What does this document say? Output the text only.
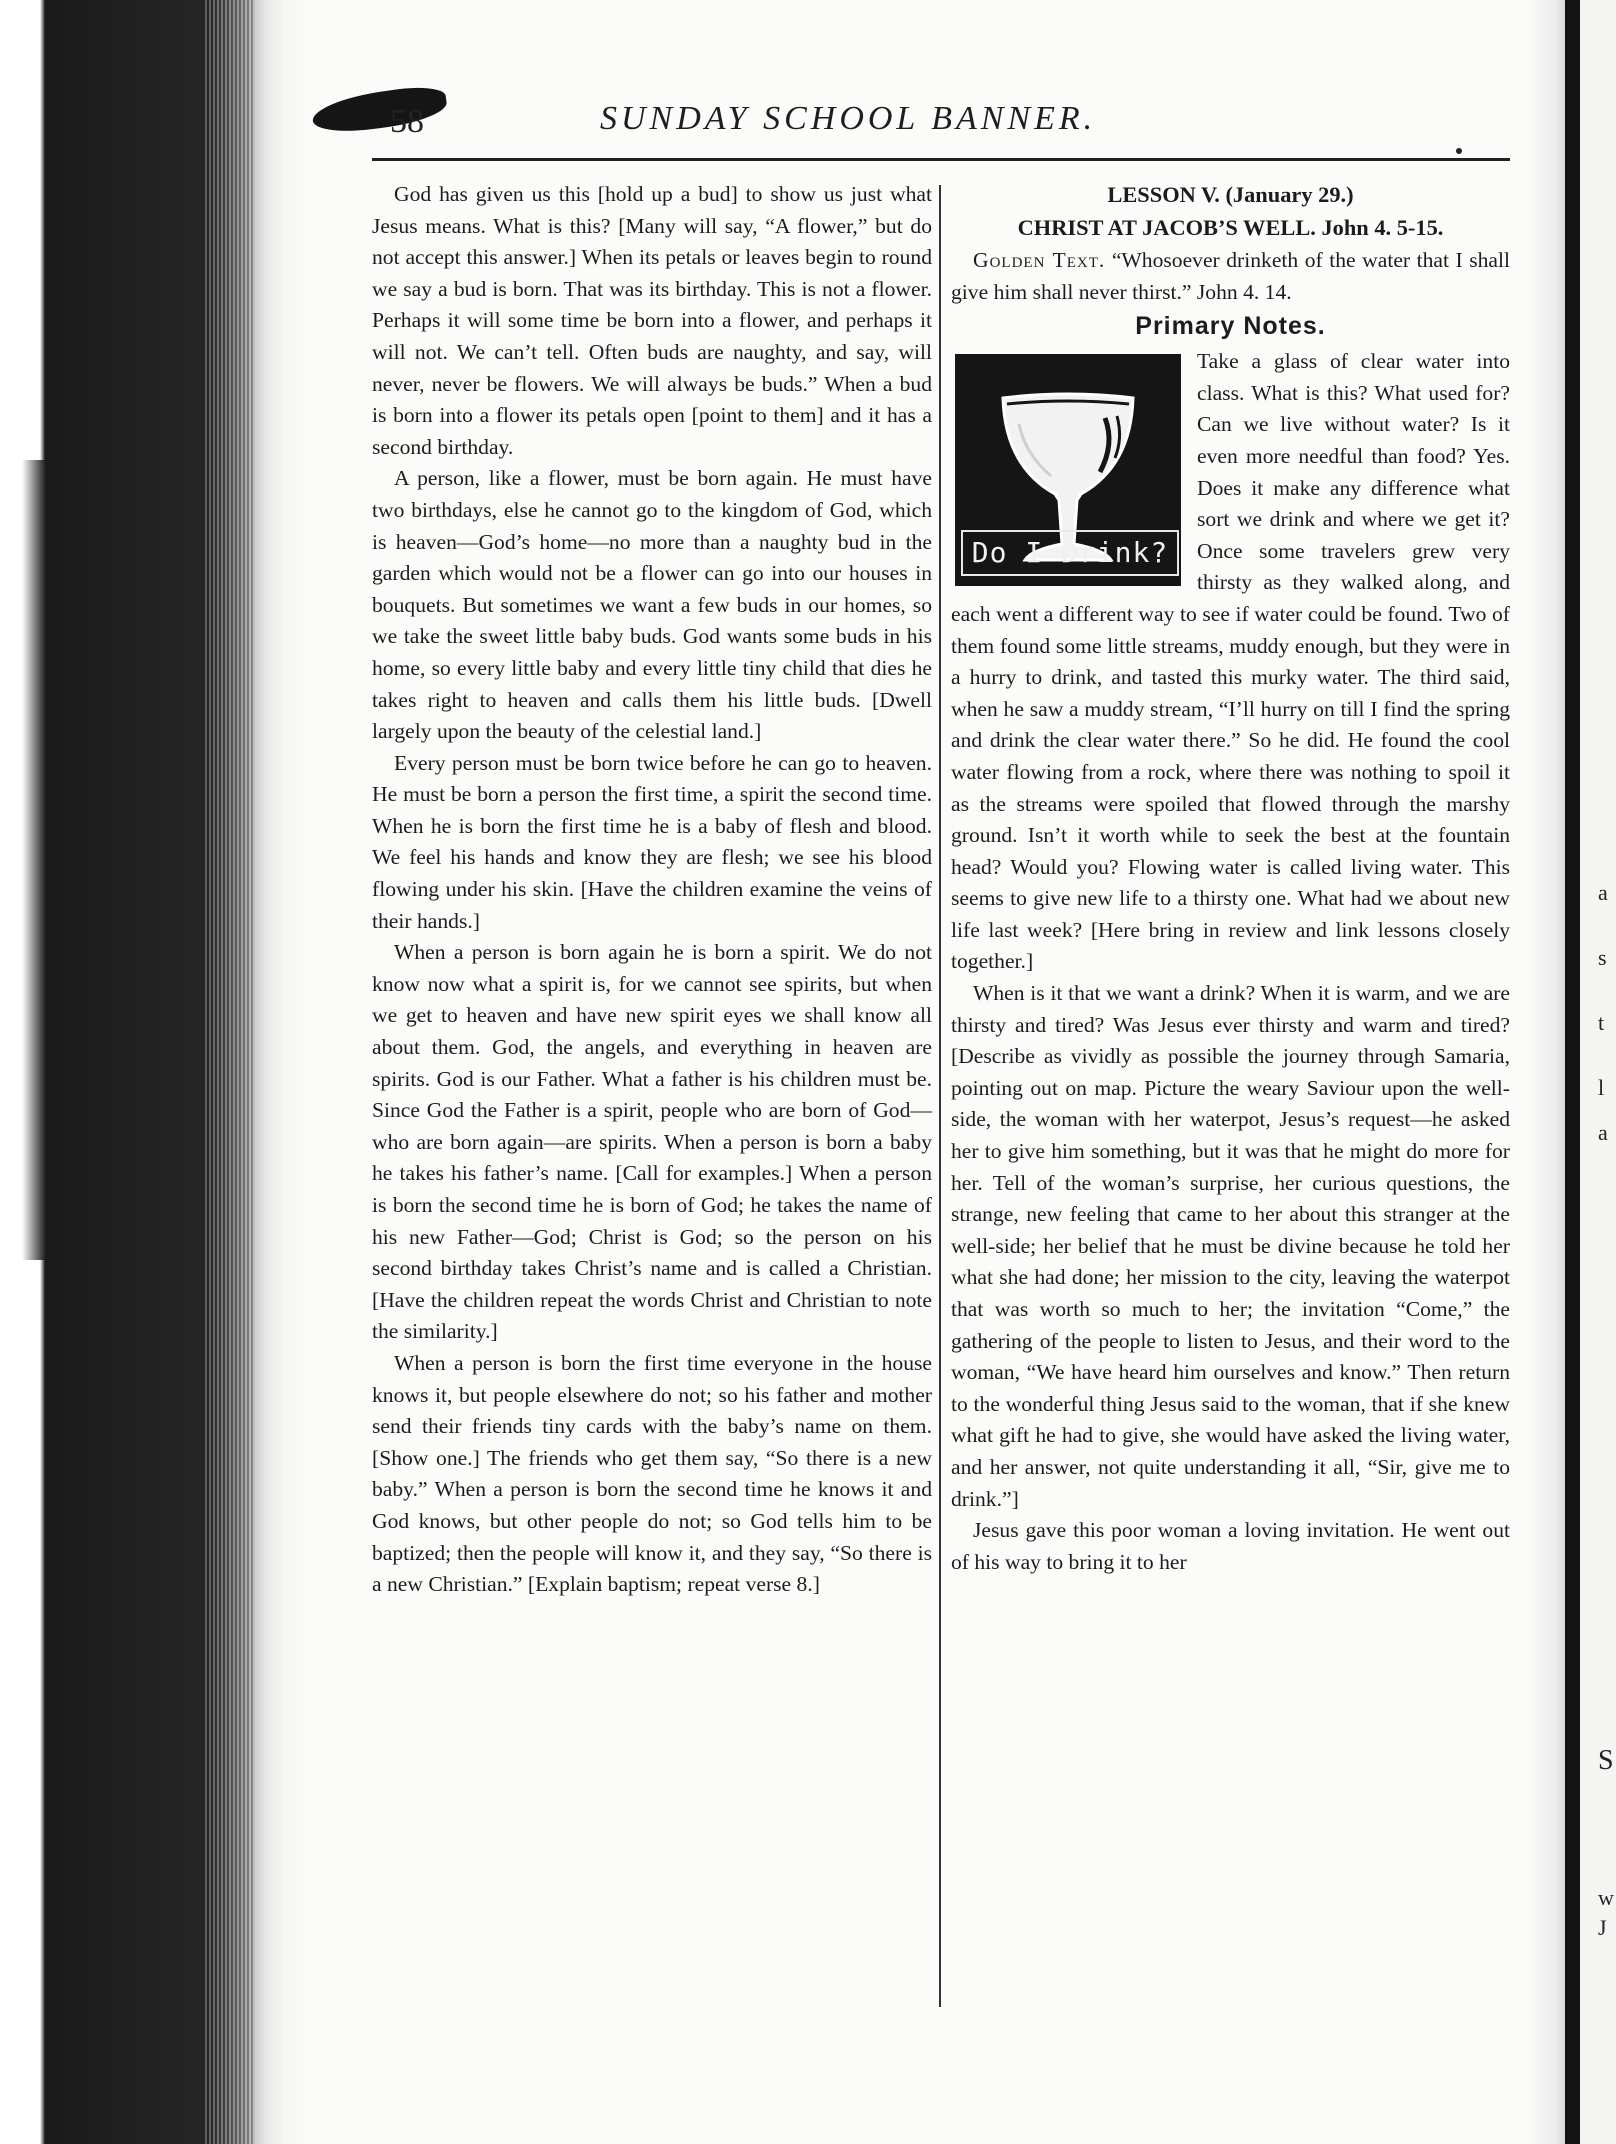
a
s
t
l
a
S
w
J
58	SUNDAY SCHOOL BANNER.

God has given us this [hold up a bud] to show us just what Jesus means. What is this? [Many will say, “A flower,” but do not accept this answer.] When its petals or leaves begin to round we say a bud is born. That was its birthday. This is not a flower. Perhaps it will some time be born into a flower, and perhaps it will not. We can’t tell. Often buds are naughty, and say, will never, never be flowers. We will always be buds.” When a bud is born into a flower its petals open [point to them] and it has a second birthday.

A person, like a flower, must be born again. He must have two birthdays, else he cannot go to the kingdom of God, which is heaven—God’s home—no more than a naughty bud in the garden which would not be a flower can go into our houses in bouquets. But sometimes we want a few buds in our homes, so we take the sweet little baby buds. God wants some buds in his home, so every little baby and every little tiny child that dies he takes right to heaven and calls them his little buds. [Dwell largely upon the beauty of the celestial land.]

Every person must be born twice before he can go to heaven. He must be born a person the first time, a spirit the second time. When he is born the first time he is a baby of flesh and blood. We feel his hands and know they are flesh; we see his blood flowing under his skin. [Have the children examine the veins of their hands.]

When a person is born again he is born a spirit. We do not know now what a spirit is, for we cannot see spirits, but when we get to heaven and have new spirit eyes we shall know all about them. God, the angels, and everything in heaven are spirits. God is our Father. What a father is his children must be. Since God the Father is a spirit, people who are born of God—who are born again—are spirits. When a person is born a baby he takes his father’s name. [Call for examples.] When a person is born the second time he is born of God; he takes the name of his new Father—God; Christ is God; so the person on his second birthday takes Christ’s name and is called a Christian. [Have the children repeat the words Christ and Christian to note the similarity.]

When a person is born the first time everyone in the house knows it, but people elsewhere do not; so his father and mother send their friends tiny cards with the baby’s name on them. [Show one.] The friends who get them say, “So there is a new baby.” When a person is born the second time he knows it and God knows, but other people do not; so God tells him to be baptized; then the people will know it, and they say, “So there is a new Christian.” [Explain baptism; repeat verse 8.]

LESSON V. (January 29.)
CHRIST AT JACOB’S WELL. John 4. 5-15.

Golden Text. “Whosoever drinketh of the water that I shall give him shall never thirst.” John 4. 14.

Primary Notes.
Do I Drink?

Take a glass of clear water into class. What is this? What used for? Can we live without water? Is it even more needful than food? Yes. Does it make any difference what sort we drink and where we get it? Once some travelers grew very thirsty as they walked along, and each went a different way to see if water could be found. Two of them found some little streams, muddy enough, but they were in a hurry to drink, and tasted this murky water. The third said, when he saw a muddy stream, “I’ll hurry on till I find the spring and drink the clear water there.” So he did. He found the cool water flowing from a rock, where there was nothing to spoil it as the streams were spoiled that flowed through the marshy ground. Isn’t it worth while to seek the best at the fountain head? Would you? Flowing water is called living water. This seems to give new life to a thirsty one. What had we about new life last week? [Here bring in review and link lessons closely together.]

When is it that we want a drink? When it is warm, and we are thirsty and tired? Was Jesus ever thirsty and warm and tired? [Describe as vividly as possible the journey through Samaria, pointing out on map. Picture the weary Saviour upon the well-side, the woman with her waterpot, Jesus’s request—he asked her to give him something, but it was that he might do more for her. Tell of the woman’s surprise, her curious questions, the strange, new feeling that came to her about this stranger at the well-side; her belief that he must be divine because he told her what she had done; her mission to the city, leaving the waterpot that was worth so much to her; the invitation “Come,” the gathering of the people to listen to Jesus, and their word to the woman, “We have heard him ourselves and know.” Then return to the wonderful thing Jesus said to the woman, that if she knew what gift he had to give, she would have asked the living water, and her answer, not quite understanding it all, “Sir, give me to drink.”]

Jesus gave this poor woman a loving invitation. He went out of his way to bring it to her
